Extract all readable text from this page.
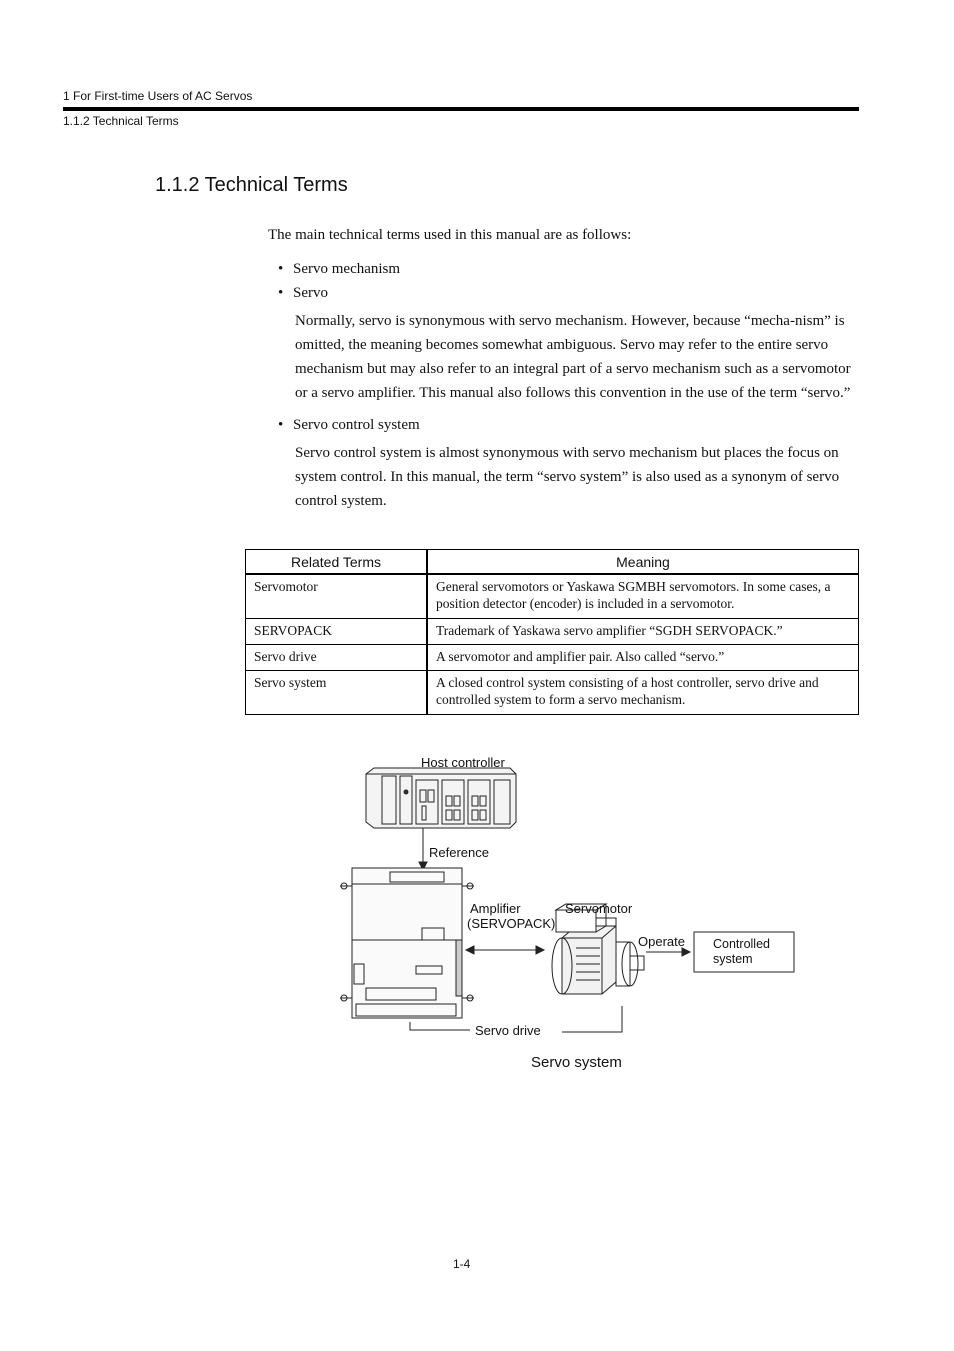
1 For First-time Users of AC Servos
1.1.2 Technical Terms
1.1.2 Technical Terms

The main technical terms used in this manual are as follows:

• Servo mechanism
• Servo

Normally, servo is synonymous with servo mechanism. However, because “mecha-nism” is omitted, the meaning becomes somewhat ambiguous. Servo may refer to the entire servo mechanism but may also refer to an integral part of a servo mechanism such as a servomotor or a servo amplifier. This manual also follows this convention in the use of the term “servo.”

• Servo control system

Servo control system is almost synonymous with servo mechanism but places the focus on system control. In this manual, the term “servo system” is also used as a synonym of servo control system.

Related Terms	Meaning
Servomotor	General servomotors or Yaskawa SGMBH servomotors. In some cases, a position detector (encoder) is included in a servomotor.
SERVOPACK	Trademark of Yaskawa servo amplifier “SGDH SERVOPACK.”
Servo drive	A servomotor and amplifier pair. Also called “servo.”
Servo system	A closed control system consisting of a host controller, servo drive and controlled system to form a servo mechanism.
Host controller
Reference
Amplifier
(SERVOPACK)
Servomotor
Operate Controlled
system
Servo drive
Servo system
1-4
